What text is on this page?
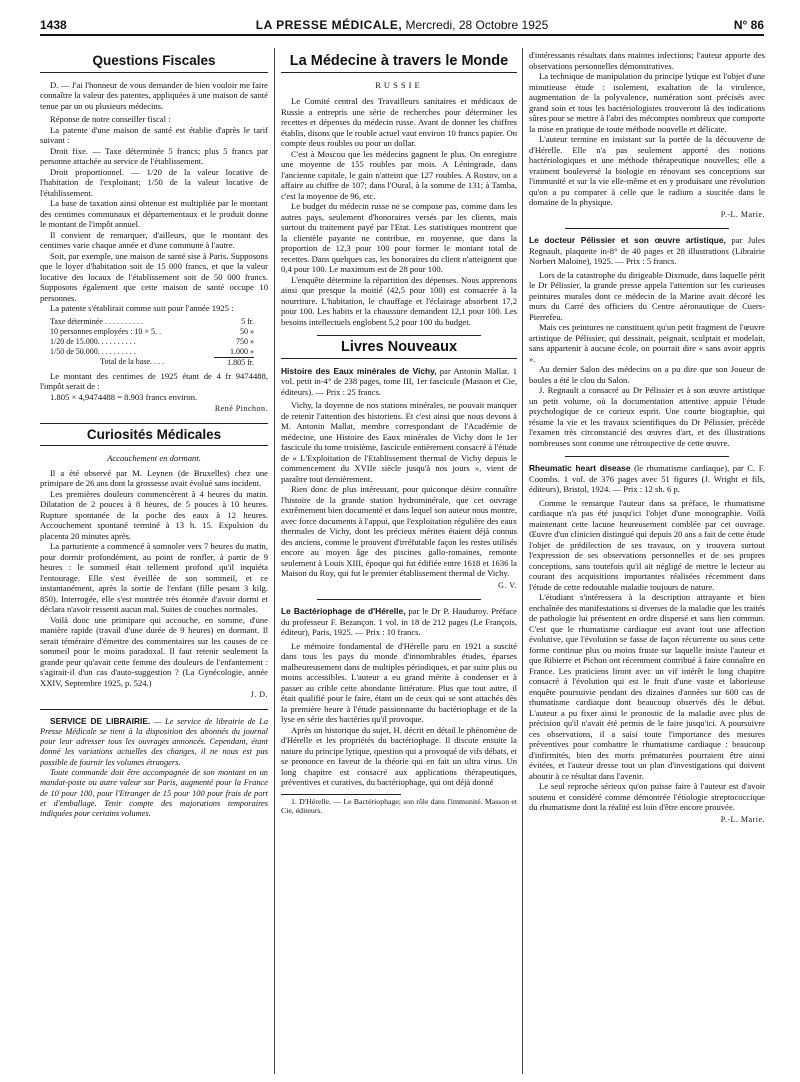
1438	LA PRESSE MÉDICALE, Mercredi, 28 Octobre 1925	N° 86
Questions Fiscales

D. — J'ai l'honneur de vous demander de bien vouloir me faire connaître la valeur des patentes, appliquées à une maison de santé tenue par un ou plusieurs médecins.

Réponse de notre conseiller fiscal :

La patente d'une maison de santé est établie d'après le tarif suivant :

Droit fixe. — Taxe déterminée 5 francs; plus 5 francs par personne attachée au service de l'établissement.

Droit proportionnel. — 1/20 de la valeur locative de l'habitation de l'exploitant; 1/50 de la valeur locative de l'établissement.

La base de taxation ainsi obtenue est multipliée par le montant des centimes communaux et départementaux et le produit donne le montant de l'impôt annuel.

Il convient de remarquer, d'ailleurs, que le montant des centimes varie chaque année et d'une commune à l'autre.

Soit, par exemple, une maison de santé sise à Paris. Supposons que le loyer d'habitation soit de 15 000 francs, et que la valeur locative des locaux de l'établissement soit de 50 000 francs. Supposons également que cette maison de santé occupe 10 personnes.

La patente s'établirait comme suit pour l'année 1925 :

Taxe déterminée . . . . . . . . . .	5 fr.
10 personnes employées : 10 × 5. .	50 »
1/20 de 15.000. . . . . . . . . .	750 »
1/50 de 50.000. . . . . . . . . .	1.000 »
Total de la base. . . .	1.805 fr.

Le montant des centimes de 1925 étant de 4 fr 9474488, l'impôt serait de :

1.805 × 4,9474488 = 8.903 francs environ.

René Pinchon.
Curiosités Médicales
Accouchement en dormant.

Il a été observé par M. Leynen (de Bruxelles) chez une primipare de 26 ans dont la grossesse avait évolué sans incident.

Les premières douleurs commencèrent à 4 heures du matin. Dilatation de 2 pouces à 8 heures, de 5 pouces à 10 heures. Rupture spontanée de la poche des eaux à 12 heures. Accouchement spontané terminé à 13 h. 15. Expulsion du placenta 20 minutes après.

La parturiente a commencé à somnoler vers 7 heures du matin, pour dormir profondément, au point de ronfler, à partir de 9 heures : le sommeil était tellement profond qu'il inquiéta l'entourage. Elle s'est éveillée de son sommeil, et ce instantanément, après la sortie de l'enfant (fille pesant 3 kilg. 850). Interrogée, elle s'est montrée très étonnée d'avoir dormi et déclara n'avoir ressenti aucun mal. Suites de couches normales.

Voilà donc une primipare qui accouche, en somme, d'une manière rapide (travail d'une durée de 9 heures) en dormant. Il serait téméraire d'émettre des commentaires sur les causes de ce sommeil pour le moins paradoxal. Il faut retenir seulement la grande peur qu'avait cette femme des douleurs de l'enfantement : s'agirait-il d'un cas d'auto-suggestion ? (La Gynécologie, année XXIV, Septembre 1925, p. 524.)

J. D.

SERVICE DE LIBRAIRIE. — Le service de librairie de La Presse Médicale se tient à la disposition des abonnés du journal pour leur adresser tous les ouvrages annoncés. Cependant, étant donné les variations actuelles des changes, il ne nous est pas possible de fournir les volumes étrangers.

Toute commande doit être accompagnée de son montant en un mandat-poste ou autre valeur sur Paris, augmenté pour la France de 10 pour 100, pour l'Etranger de 15 pour 100 pour frais de port et d'emballage. Tenir compte des majorations temporaires indiquées pour certains volumes.

La Médecine à travers le Monde
RUSSIE

Le Comité central des Travailleurs sanitaires et médicaux de Russie a entrepris une série de recherches pour déterminer les recettes et dépenses du médecin russe. Avant de donner les chiffres établis, disons que le rouble actuel vaut environ 10 francs papier. On compte deux roubles ou pour un dollar.

C'est à Moscou que les médecins gagnent le plus. On enregistre une moyenne de 155 roubles par mois. A Léningrade, dans l'ancienne capitale, le gain n'atteint que 127 roubles. A Rostov, on a affaire au chiffre de 107; dans l'Oural, à la somme de 131; à Tamba, c'est la moyenne de 96, etc.

Le budget du médecin russe ne se compose pas, comme dans les autres pays, seulement d'honoraires versés par les clients, mais surtout du traitement payé par l'Etat. Les statistiques montrent que la clientèle payante ne contribue, en moyenne, que dans la proportion de 12,3 pour 100 pour former le montant total de recettes. Dans quelques cas, les honoraires du client n'atteignent que 0,4 pour 100. Le maximum est de 28 pour 100.

L'enquête détermine la répartition des dépenses. Nous apprenons ainsi que presque la moitié (42,5 pour 100) est consacrée à la nourriture. L'habitation, le chauffage et l'éclairage absorbent 17,2 pour 100. Les habits et la chaussure demandent 12,1 pour 100. Les besoins intellectuels englobent 5,2 pour 100 du budget.

Livres Nouveaux

Histoire des Eaux minérales de Vichy, par Antonin Mallat. 1 vol. petit in-4° de 238 pages, tome III, 1er fascicule (Masson et Cie, éditeurs). — Prix : 25 francs.

Vichy, la doyenne de nos stations minérales, ne pouvait manquer de retenir l'attention des historiens. Et c'est ainsi que nous devons à M. Antonin Mallat, membre correspondant de l'Académie de médecine, une Histoire des Eaux minérales de Vichy dont le 1er fascicule du tome troisième, fascicule entièrement consacré à l'étude de « L'Exploitation de l'Etablissement thermal de Vichy depuis le commencement du XVIIe siècle jusqu'à nos jours », vient de paraître tout dernièrement.

Rien donc de plus intéressant, pour quiconque désire connaître l'histoire de la grande station hydrominérale, que cet ouvrage extrêmement bien documenté et dans lequel son auteur nous montre, avec force documents à l'appui, que l'exploitation régulière des eaux thermales de Vichy, dont les précieux mérites étaient déjà connus des anciens, comme le prouvent d'irréfutable façon les restes utilisés encore au moyen âge des piscines gallo-romaines, remonte seulement à Louis XIII, époque qui fut édifiée entre 1618 et 1636 la Maison du Roy, qui fut le premier établissement thermal de Vichy.

G. V.

Le Bactériophage de d'Hérelle, par le Dr P. Hauduroy. Préface du professeur F. Bezançon. 1 vol. in 18 de 212 pages (Le François, éditeur), Paris, 1925. — Prix : 10 francs.

Le mémoire fondamental de d'Hérelle paru en 1921 a suscité dans tous les pays du monde d'innombrables études, éparses malheureusement dans de multiples périodiques, et par suite plus ou moins accessibles. L'auteur a eu grand mérite à condenser et à passer au crible cette abondante littérature. Plus que tout autre, il était qualifié pour le faire, étant un de ceux qui se sont attachés dès la première heure à l'étude passionnante du bactériophage et de la lyse en série des bactéries qu'il provoque.

Après un historique du sujet, H. décrit en détail le phénomène de d'Hérelle et les propriétés du bactériophage. Il discute ensuite la nature du principe lytique, question qui a provoqué de vifs débats, et se prononce en faveur de la théorie qui en fait un ultra virus. Un long chapitre est consacré aux applications thérapeutiques, préventives et curatives, du bactériophage, qui ont déjà donné

1. D'Hérelle. — Le Bactériophage; son rôle dans l'immunité. Masson et Cie, éditeurs.

d'intéressants résultats dans maintes infections; l'auteur apporte des observations personnelles démonstratives.

La technique de manipulation du principe lytique est l'objet d'une minutieuse étude : isolement, exaltation de la virulence, augmentation de la polyvalence, numération sont précisés avec grand soin et tous les bactériologistes trouveront là des indications sûres pour se mettre à l'abri des mécomptes nombreux que comporte la mise en pratique de toute méthode nouvelle et délicate.

L'auteur termine en insistant sur la portée de la découverte de d'Hérelle. Elle n'a pas seulement apporté des notions bactériologiques et une méthode thérapeutique nouvelles; elle a vraiment bouleversé la biologie en rénovant ses conceptions sur l'immunité et sur la vie elle-même et en y produisant une révolution qu'on a pu comparer à celle que le radium a suscitée dans le domaine de la physique.

P.-L. Marie.

Le docteur Pélissier et son œuvre artistique, par Jules Regnault, plaquette in-8° de 40 pages et 28 illustrations (Librairie Norbert Maloine), 1925. — Prix : 5 francs.

Lors de la catastrophe du dirigeable Dixmude, dans laquelle périt le Dr Pélissier, la grande presse appela l'attention sur les curieuses peintures murales dont ce médecin de la Marine avait décoré les murs du Carré des officiers du Centre aéronautique de Cuers-Pierrefeu.

Mais ces peintures ne constituent qu'un petit fragment de l'œuvre artistique de Pélissier, qui dessinait, peignait, sculptait et modelait, sans appartenir à aucune école, on pourrait dire « sans avoir appris ».

Au dernier Salon des médecins on a pu dire que son Joueur de boules a été le clou du Salon.

J. Regnault a consacré au Dr Pélissier et à son œuvre artistique un petit volume, où la documentation attentive appuie l'étude psychologique de ce curieux esprit. Une courte biographie, qui résume la vie et les travaux scientifiques du Dr Pélissier, précède l'examen très circonstancié des œuvres d'art, et des illustrations nombreuses sont comme une rétrospective de cette œuvre.

Rheumatic heart disease (le rhumatisme cardiaque), par C. F. Coombs. 1 vol. de 376 pages avec 51 figures (J. Wright et fils, éditeurs), Bristol, 1924. — Prix : 12 sh. 6 p.

Comme le remarque l'auteur dans sa préface, le rhumatisme cardiaque n'a pas été jusqu'ici l'objet d'une monographie. Voilà maintenant cette lacune heureusement comblée par cet ouvrage. Œuvre d'un clinicien distingué qui depuis 20 ans a fait de cette étude l'objet de prédilection de ses travaux, on y trouvera surtout l'expression de ses observations personnelles et de ses propres conceptions, sans toutefois qu'il ait négligé de mettre le lecteur au courant des acquisitions importantes réalisées récemment dans l'étude de cette redoutable maladie toujours de nature.

L'étudiant s'intéressera à la description attrayante et bien enchaînée des manifestations si diverses de la maladie que les traités de pathologie lui présentent en ordre dispersé et sans lien commun. C'est que le rhumatisme cardiaque est avant tout une affection évolutive, que l'évolution se fasse de façon récurrente ou sous cette forme continue plus ou moins fruste sur laquelle insiste l'auteur et que Ribierre et Pichon ont récemment contribué à faire connaître en France. Les praticiens liront avec un vif intérêt le long chapitre consacré à l'évolution qui est le fruit d'une vaste et laborieuse enquête poursuivie pendant des dizaines d'années sur 600 cas de rhumatisme cardiaque dont beaucoup observés dès le début. L'auteur a pu fixer ainsi le pronostic de la maladie avec plus de précision qu'il n'avait été permis de le faire jusqu'ici. A poursuivre ces observations, il a saisi toute l'importance des mesures préventives pour combattre le rhumatisme cardiaque : beaucoup d'infirmités, bien des morts prématurées pourraient être ainsi évitées, et l'auteur dresse tout un plan d'investigations qui doivent aboutir à ce résultat dans l'avenir.

Le seul reproche sérieux qu'on puisse faire à l'auteur est d'avoir soutenu et considéré comme démontrée l'étiologie streptococcique du rhumatisme dont la réalité est loin d'être encore prouvée.

P.-L. Marie.
